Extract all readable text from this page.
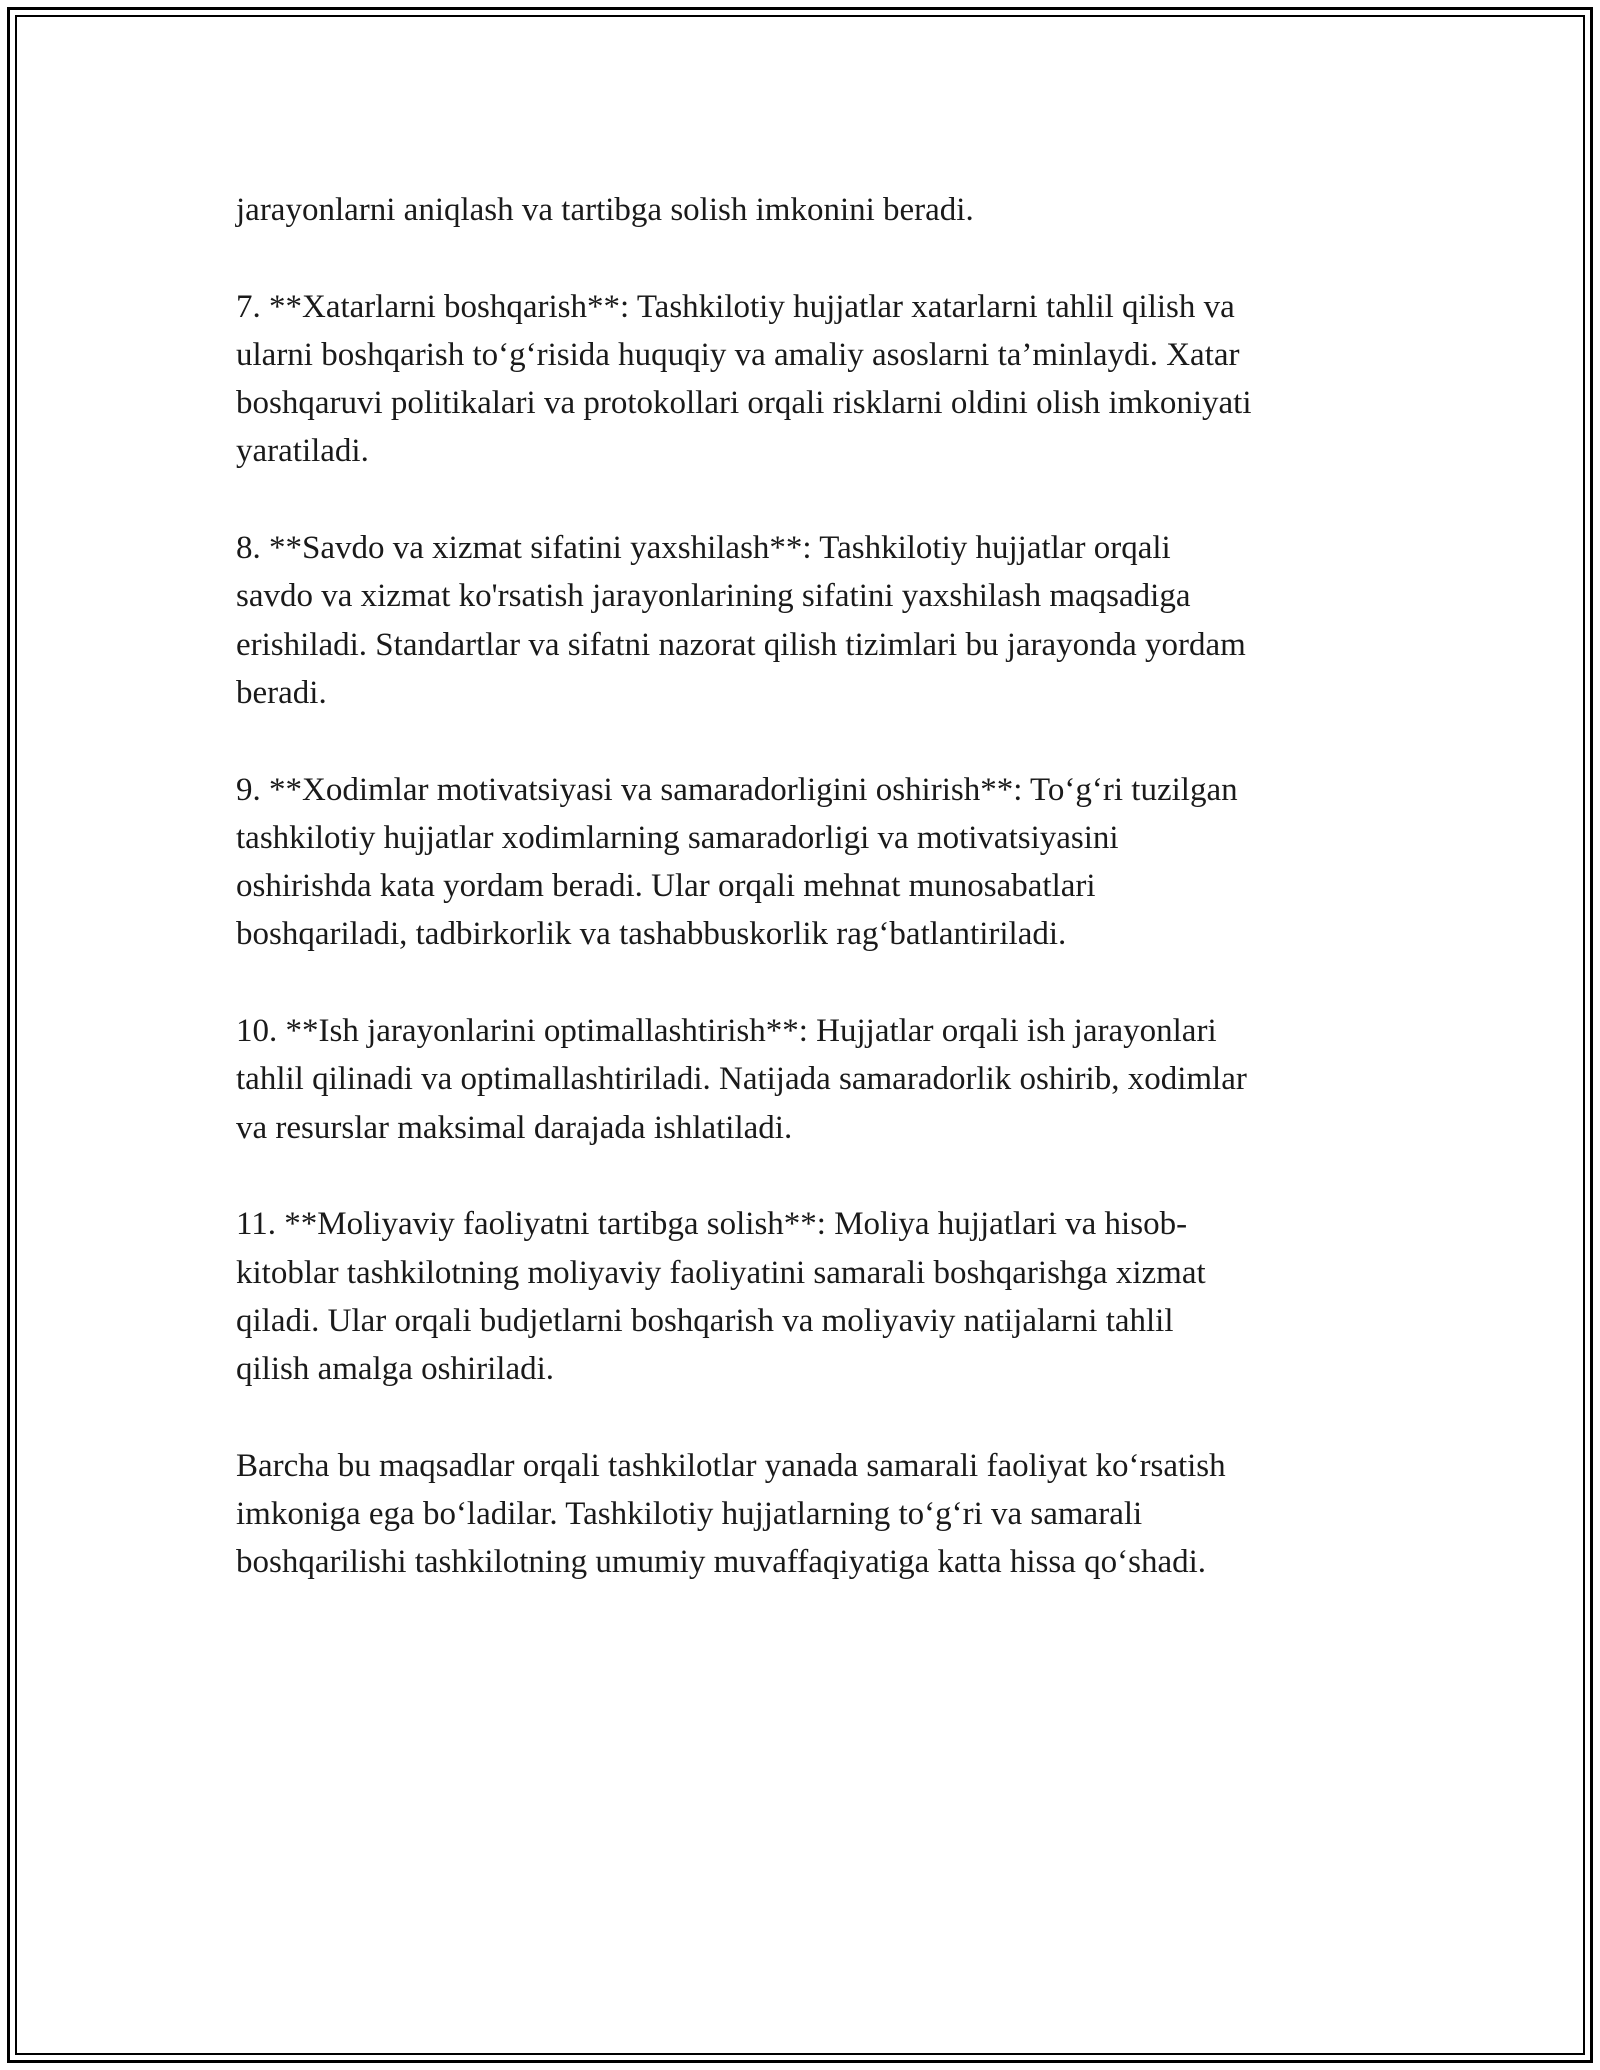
jarayonlarni aniqlash va tartibga solish imkonini beradi.

7. **Xatarlarni boshqarish**: Tashkilotiy hujjatlar xatarlarni tahlil qilish va
ularni boshqarish to‘g‘risida huquqiy va amaliy asoslarni ta’minlaydi. Xatar
boshqaruvi politikalari va protokollari orqali risklarni oldini olish imkoniyati
yaratiladi.

8. **Savdo va xizmat sifatini yaxshilash**: Tashkilotiy hujjatlar orqali
savdo va xizmat ko'rsatish jarayonlarining sifatini yaxshilash maqsadiga
erishiladi. Standartlar va sifatni nazorat qilish tizimlari bu jarayonda yordam
beradi.

9. **Xodimlar motivatsiyasi va samaradorligini oshirish**: To‘g‘ri tuzilgan
tashkilotiy hujjatlar xodimlarning samaradorligi va motivatsiyasini
oshirishda kata yordam beradi. Ular orqali mehnat munosabatlari
boshqariladi, tadbirkorlik va tashabbuskorlik rag‘batlantiriladi.

10. **Ish jarayonlarini optimallashtirish**: Hujjatlar orqali ish jarayonlari
tahlil qilinadi va optimallashtiriladi. Natijada samaradorlik oshirib, xodimlar
va resurslar maksimal darajada ishlatiladi.

11. **Moliyaviy faoliyatni tartibga solish**: Moliya hujjatlari va hisob-
kitoblar tashkilotning moliyaviy faoliyatini samarali boshqarishga xizmat
qiladi. Ular orqali budjetlarni boshqarish va moliyaviy natijalarni tahlil
qilish amalga oshiriladi.

Barcha bu maqsadlar orqali tashkilotlar yanada samarali faoliyat ko‘rsatish
imkoniga ega bo‘ladilar. Tashkilotiy hujjatlarning to‘g‘ri va samarali
boshqarilishi tashkilotning umumiy muvaffaqiyatiga katta hissa qo‘shadi.
